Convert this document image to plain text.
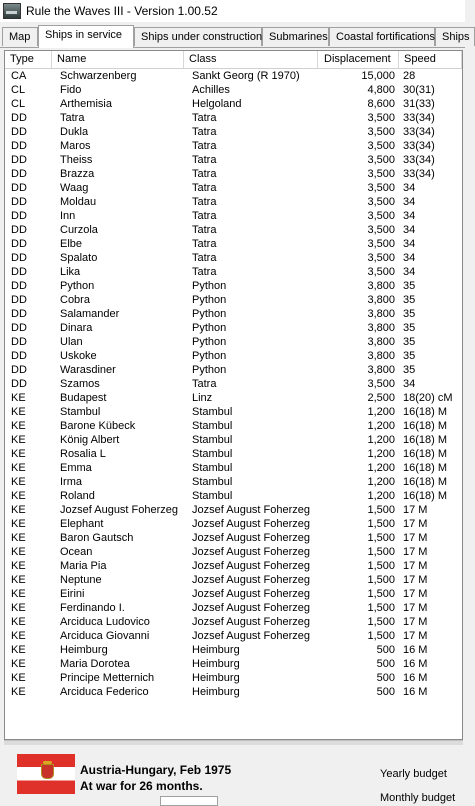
Rule the Waves III - Version 1.00.52
Map	Ships in service	Ships under construction Submarines Coastal fortifications Ships
Type	Name	Class	Displacement	Speed
CA	Schwarzenberg	Sankt Georg (R 1970)	15,000 28
CL	Fido	Achilles	4,800 30(31)
CL	Arthemisia	Helgoland	8,600 31(33)
DD	Tatra	Tatra	3,500 33(34)
DD	Dukla	Tatra	3,500 33(34)
DD	Maros	Tatra	3,500 33(34)
DD	Theiss	Tatra	3,500 33(34)
DD	Brazza	Tatra	3,500 33(34)
DD	Waag	Tatra	3,500 34
DD	Moldau	Tatra	3,500 34
DD	Inn	Tatra	3,500 34
DD	Curzola	Tatra	3,500 34
DD	Elbe	Tatra	3,500 34
DD	Spalato	Tatra	3,500 34
DD	Lika	Tatra	3,500 34
DD	Python	Python	3,800 35
DD	Cobra	Python	3,800 35
DD	Salamander	Python	3,800 35
DD	Dinara	Python	3,800 35
DD	Ulan	Python	3,800 35
DD	Uskoke	Python	3,800 35
DD	Warasdiner	Python	3,800 35
DD	Szamos	Tatra	3,500 34
KE	Budapest	Linz	2,500 18(20) cM
KE	Stambul	Stambul	1,200 16(18) M
KE	Barone Kübeck	Stambul	1,200 16(18) M
KE	König Albert	Stambul	1,200 16(18) M
KE	Rosalia L	Stambul	1,200 16(18) M
KE	Emma	Stambul	1,200 16(18) M
KE	Irma	Stambul	1,200 16(18) M
KE	Roland	Stambul	1,200 16(18) M
KE	Jozsef August Foherzeg	Jozsef August Foherzeg	1,500 17 M
KE	Elephant	Jozsef August Foherzeg	1,500 17 M
KE	Baron Gautsch	Jozsef August Foherzeg	1,500 17 M
KE	Ocean	Jozsef August Foherzeg	1,500 17 M
KE	Maria Pia	Jozsef August Foherzeg	1,500 17 M
KE	Neptune	Jozsef August Foherzeg	1,500 17 M
KE	Eirini	Jozsef August Foherzeg	1,500 17 M
KE	Ferdinando I.	Jozsef August Foherzeg	1,500 17 M
KE	Arciduca Ludovico	Jozsef August Foherzeg	1,500 17 M
KE	Arciduca Giovanni	Jozsef August Foherzeg	1,500 17 M
KE	Heimburg	Heimburg	500 16 M
KE	Maria Dorotea	Heimburg	500 16 M
KE	Principe Metternich	Heimburg	500 16 M
KE	Arciduca Federico	Heimburg	500 16 M
Austria-Hungary, Feb 1975
At war for 26 months.
Yearly budget
Monthly budget
